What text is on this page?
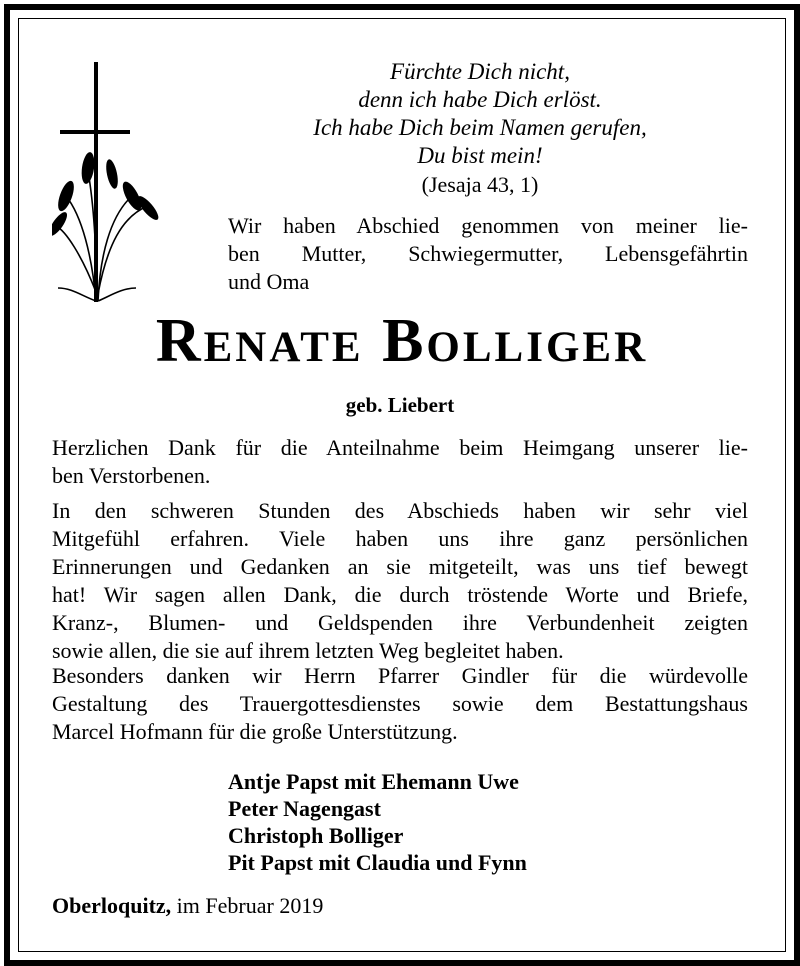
Fürchte Dich nicht,
denn ich habe Dich erlöst.
Ich habe Dich beim Namen gerufen,
Du bist mein!
(Jesaja 43, 1)
Wir haben Abschied genommen von meiner lie-
ben Mutter, Schwiegermutter, Lebensgefährtin
und Oma
Renate Bolliger
geb. Liebert
Herzlichen Dank für die Anteilnahme beim Heimgang unserer lie-
ben Verstorbenen.
In den schweren Stunden des Abschieds haben wir sehr viel
Mitgefühl erfahren. Viele haben uns ihre ganz persönlichen
Erinnerungen und Gedanken an sie mitgeteilt, was uns tief bewegt
hat! Wir sagen allen Dank, die durch tröstende Worte und Briefe,
Kranz-, Blumen- und Geldspenden ihre Verbundenheit zeigten
sowie allen, die sie auf ihrem letzten Weg begleitet haben.
Besonders danken wir Herrn Pfarrer Gindler für die würdevolle
Gestaltung des Trauergottesdienstes sowie dem Bestattungshaus
Marcel Hofmann für die große Unterstützung.
Antje Papst mit Ehemann Uwe
Peter Nagengast
Christoph Bolliger
Pit Papst mit Claudia und Fynn
Oberloquitz, im Februar 2019
